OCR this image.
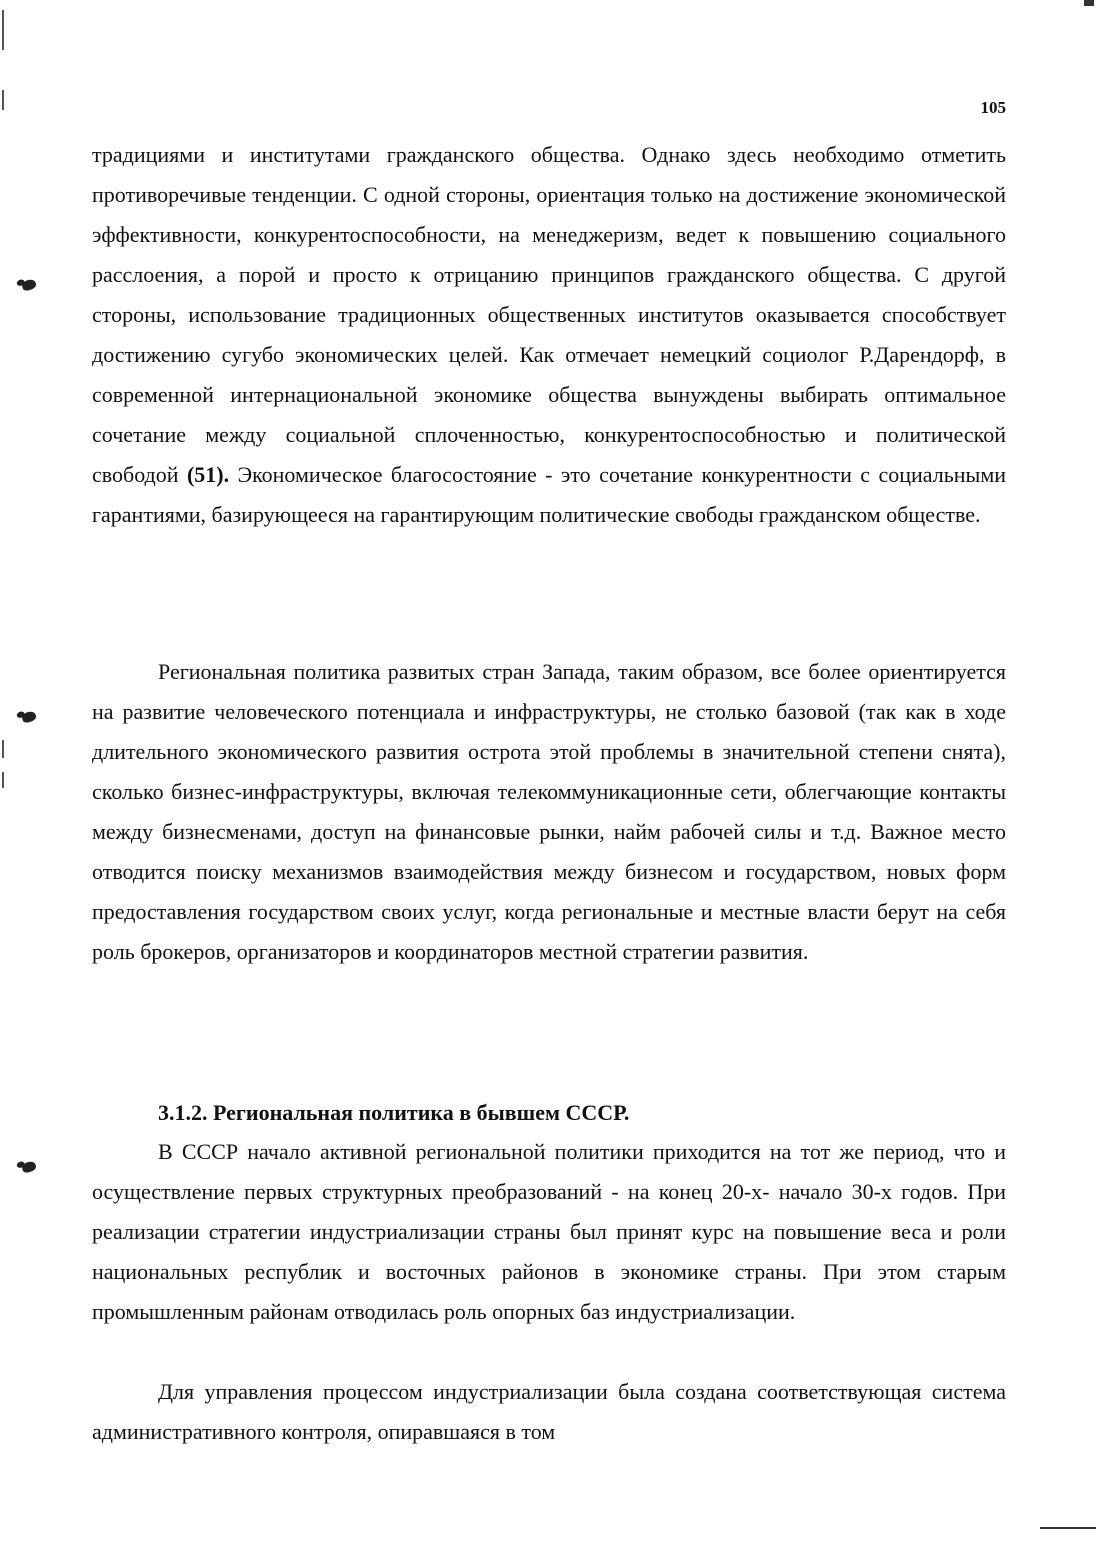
105

традициями и институтами гражданского общества. Однако здесь необходимо отметить противоречивые тенденции. С одной стороны, ориентация только на достижение экономической эффективности, конкурентоспособности, на менеджеризм, ведет к повышению социального расслоения, а порой и просто к отрицанию принципов гражданского общества. С другой стороны, использование традиционных общественных институтов оказывается способствует достижению сугубо экономических целей. Как отмечает немецкий социолог Р.Дарендорф, в современной интернациональной экономике общества вынуждены выбирать оптимальное сочетание между социальной сплоченностью, конкурентоспособностью и политической свободой (51). Экономическое благосостояние - это сочетание конкурентности с социальными гарантиями, базирующееся на гарантирующим политические свободы гражданском обществе.

Региональная политика развитых стран Запада, таким образом, все более ориентируется на развитие человеческого потенциала и инфраструктуры, не столько базовой (так как в ходе длительного экономического развития острота этой проблемы в значительной степени снята), сколько бизнес-инфраструктуры, включая телекоммуникационные сети, облегчающие контакты между бизнесменами, доступ на финансовые рынки, найм рабочей силы и т.д. Важное место отводится поиску механизмов взаимодействия между бизнесом и государством, новых форм предоставления государством своих услуг, когда региональные и местные власти берут на себя роль брокеров, организаторов и координаторов местной стратегии развития.

3.1.2. Региональная политика в бывшем СССР.

В СССР начало активной региональной политики приходится на тот же период, что и осуществление первых структурных преобразований - на конец 20-х- начало 30-х годов. При реализации стратегии индустриализации страны был принят курс на повышение веса и роли национальных республик и восточных районов в экономике страны. При этом старым промышленным районам отводилась роль опорных баз индустриализации.

Для управления процессом индустриализации была создана соответствующая система административного контроля, опиравшаяся в том
